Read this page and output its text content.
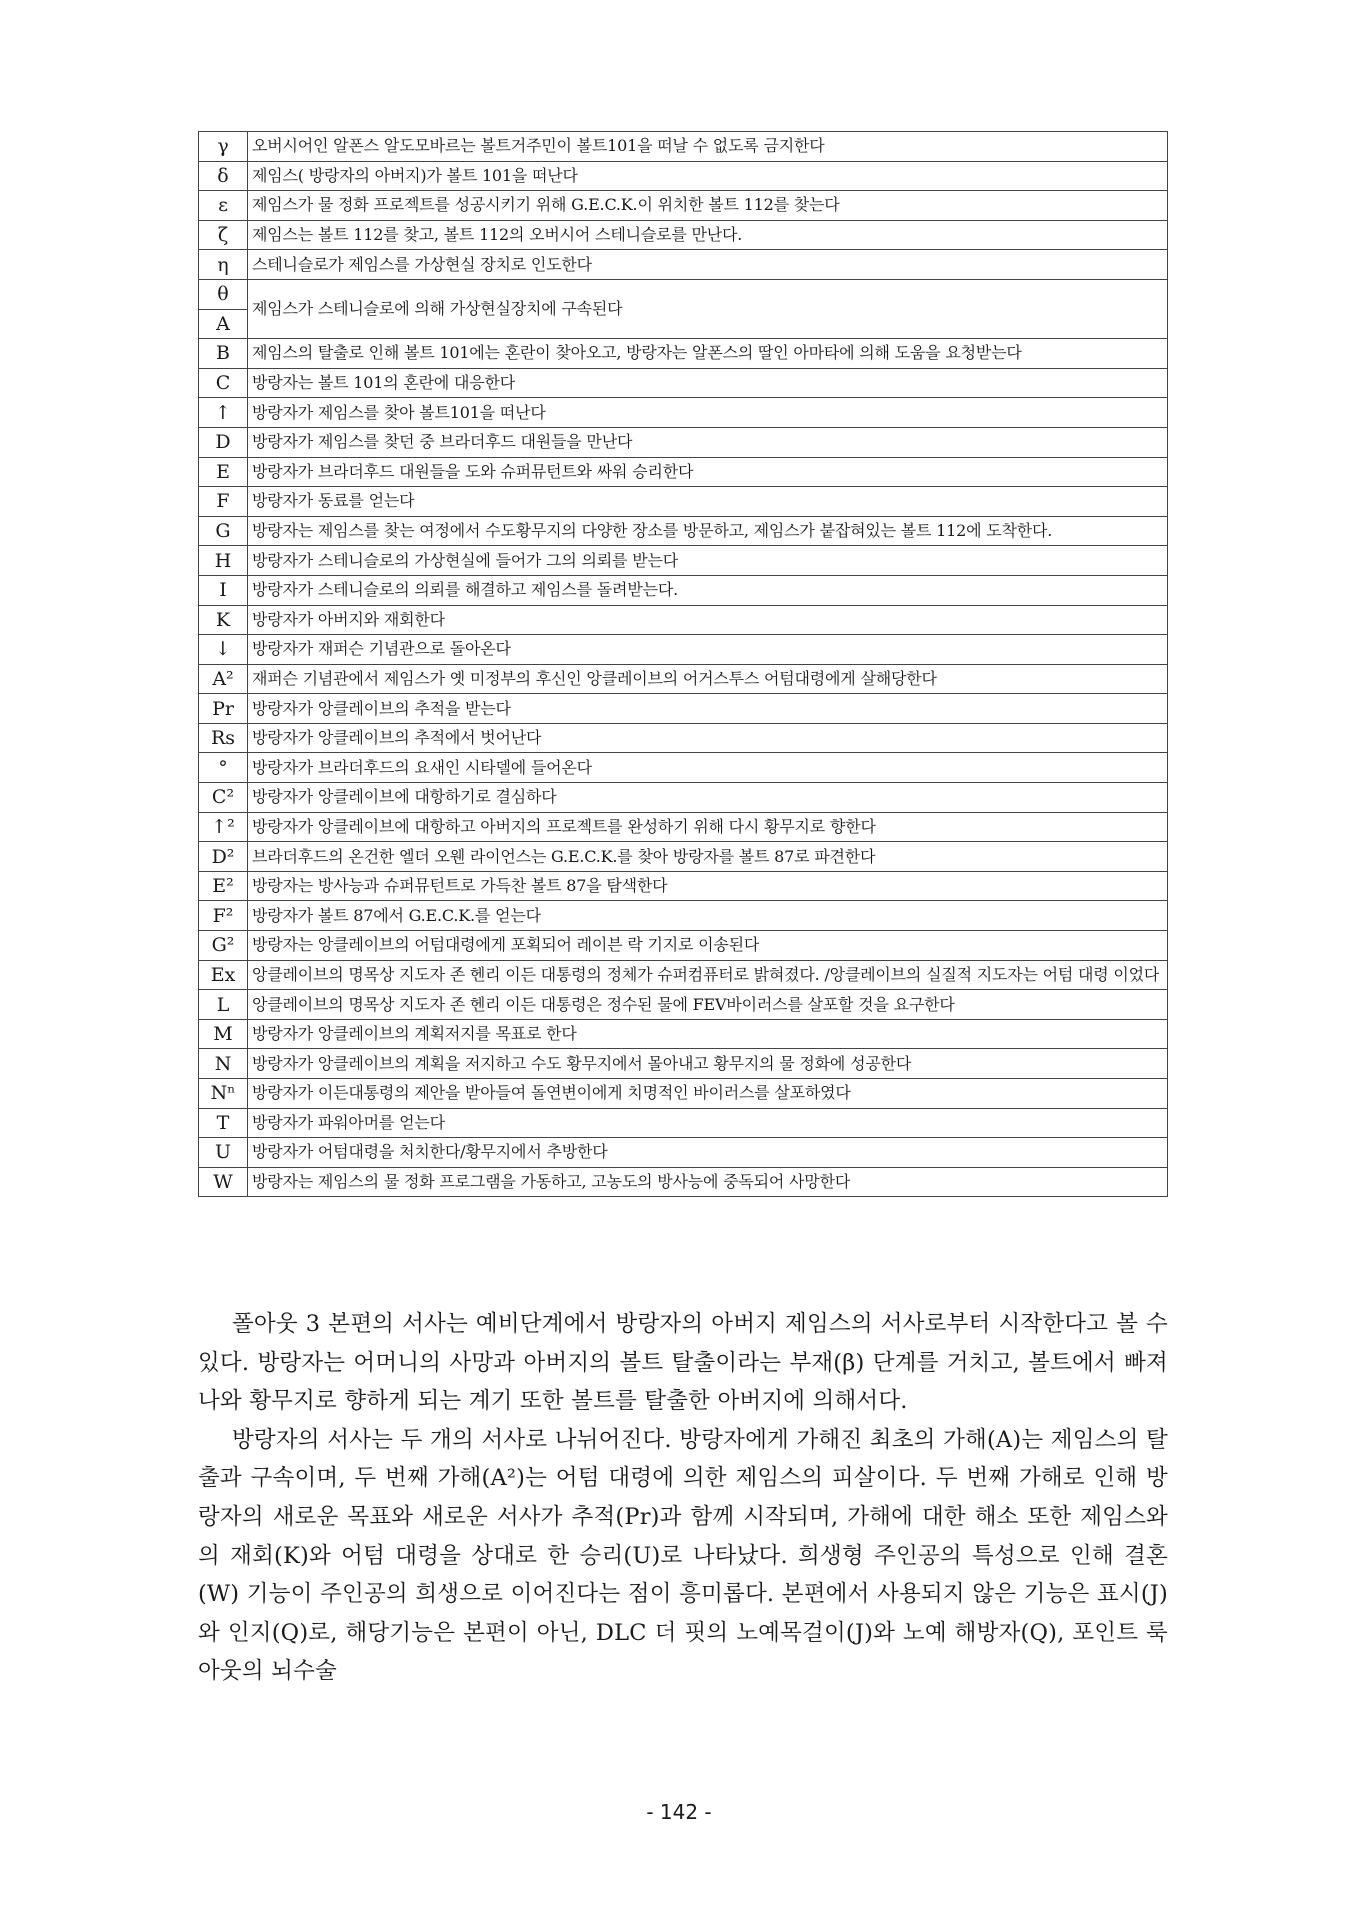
γ	오버시어인 알폰스 알도모바르는 볼트거주민이 볼트101을 떠날 수 없도록 금지한다
δ	제임스( 방랑자의 아버지)가 볼트 101을 떠난다
ε	제임스가 물 정화 프로젝트를 성공시키기 위해 G.E.C.K.이 위치한 볼트 112를 찾는다
ζ	제임스는 볼트 112를 찾고, 볼트 112의 오버시어 스테니슬로를 만난다.
η	스테니슬로가 제임스를 가상현실 장치로 인도한다
θ	제임스가 스테니슬로에 의해 가상현실장치에 구속된다
A	
B	제임스의 탈출로 인해 볼트 101에는 혼란이 찾아오고, 방랑자는 알폰스의 딸인 아마타에 의해 도움을 요청받는다
C	방랑자는 볼트 101의 혼란에 대응한다
↑	방랑자가 제임스를 찾아 볼트101을 떠난다
D	방랑자가 제임스를 찾던 중 브라더후드 대원들을 만난다
E	방랑자가 브라더후드 대원들을 도와 슈퍼뮤턴트와 싸워 승리한다
F	방랑자가 동료를 얻는다
G	방랑자는 제임스를 찾는 여정에서 수도황무지의 다양한 장소를 방문하고, 제임스가 붙잡혀있는 볼트 112에 도착한다.
H	방랑자가 스테니슬로의 가상현실에 들어가 그의 의뢰를 받는다
I	방랑자가 스테니슬로의 의뢰를 해결하고 제임스를 돌려받는다.
K	방랑자가 아버지와 재회한다
↓	방랑자가 재퍼슨 기념관으로 돌아온다
A²	재퍼슨 기념관에서 제임스가 옛 미정부의 후신인 앙클레이브의 어거스투스 어텀대령에게 살해당한다
Pr	방랑자가 앙클레이브의 추적을 받는다
Rs	방랑자가 앙클레이브의 추적에서 벗어난다
°	방랑자가 브라더후드의 요새인 시타델에 들어온다
C²	방랑자가 앙클레이브에 대항하기로 결심하다
↑²	방랑자가 앙클레이브에 대항하고 아버지의 프로젝트를 완성하기 위해 다시 황무지로 향한다
D²	브라더후드의 온건한 엘더 오웬 라이언스는 G.E.C.K.를 찾아 방랑자를 볼트 87로 파견한다
E²	방랑자는 방사능과 슈퍼뮤턴트로 가득찬 볼트 87을 탐색한다
F²	방랑자가 볼트 87에서 G.E.C.K.를 얻는다
G²	방랑자는 앙클레이브의 어텀대령에게 포획되어 레이븐 락 기지로 이송된다
Ex	앙클레이브의 명목상 지도자 존 헨리 이든 대통령의 정체가 슈퍼컴퓨터로 밝혀졌다. /앙클레이브의 실질적 지도자는 어텀 대령 이었다
L	앙클레이브의 명목상 지도자 존 헨리 이든 대통령은 정수된 물에 FEV바이러스를 살포할 것을 요구한다
M	방랑자가 앙클레이브의 계획저지를 목표로 한다
N	방랑자가 앙클레이브의 계획을 저지하고 수도 황무지에서 몰아내고 황무지의 물 정화에 성공한다
Nⁿ	방랑자가 이든대통령의 제안을 받아들여 돌연변이에게 치명적인 바이러스를 살포하였다
T	방랑자가 파워아머를 얻는다
U	방랑자가 어텀대령을 처치한다/황무지에서 추방한다
W	방랑자는 제임스의 물 정화 프로그램을 가동하고, 고농도의 방사능에 중독되어 사망한다

폴아웃 3 본편의 서사는 예비단계에서 방랑자의 아버지 제임스의 서사로부터 시작한다고 볼 수 있다. 방랑자는 어머니의 사망과 아버지의 볼트 탈출이라는 부재(β) 단계를 거치고, 볼트에서 빠져나와 황무지로 향하게 되는 계기 또한 볼트를 탈출한 아버지에 의해서다.

방랑자의 서사는 두 개의 서사로 나뉘어진다. 방랑자에게 가해진 최초의 가해(A)는 제임스의 탈출과 구속이며, 두 번째 가해(A²)는 어텀 대령에 의한 제임스의 피살이다. 두 번째 가해로 인해 방랑자의 새로운 목표와 새로운 서사가 추적(Pr)과 함께 시작되며, 가해에 대한 해소 또한 제임스와의 재회(K)와 어텀 대령을 상대로 한 승리(U)로 나타났다. 희생형 주인공의 특성으로 인해 결혼(W) 기능이 주인공의 희생으로 이어진다는 점이 흥미롭다. 본편에서 사용되지 않은 기능은 표시(J)와 인지(Q)로, 해당기능은 본편이 아닌, DLC 더 핏의 노예목걸이(J)와 노예 해방자(Q), 포인트 룩아웃의 뇌수술

- 142 -
